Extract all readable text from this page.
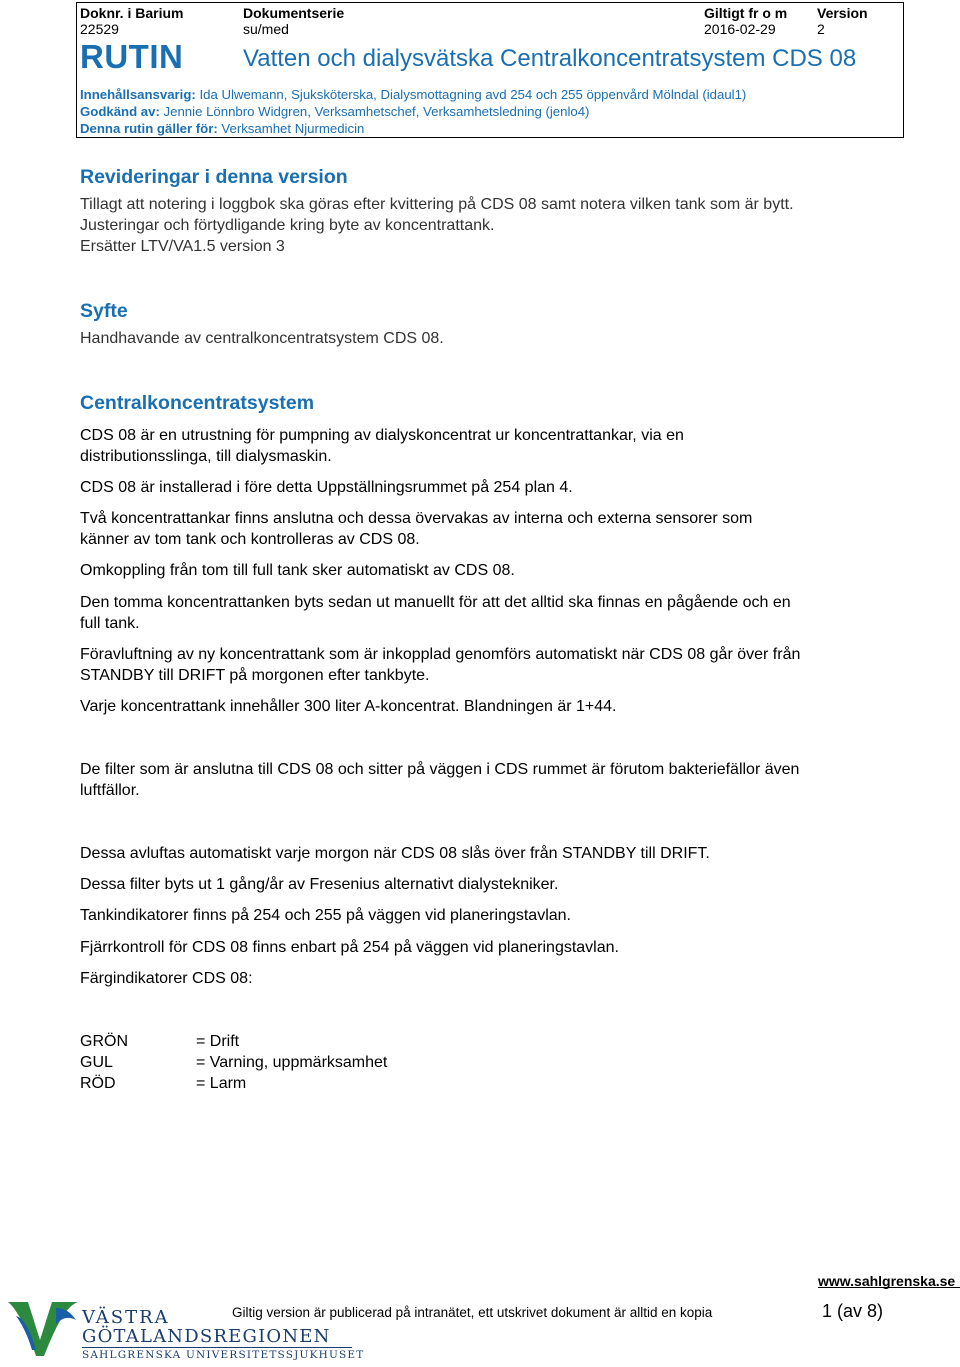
Doknr. i Barium
22529
Dokumentserie
su/med
Giltigt fr o m
2016-02-29
Version
2
RUTIN Vatten och dialysvätska Centralkoncentratsystem CDS 08
Innehållsansvarig: Ida Ulwemann, Sjuksköterska, Dialysmottagning avd 254 och 255 öppenvård Mölndal (idaul1)
Godkänd av: Jennie Lönnbro Widgren, Verksamhetschef, Verksamhetsledning (jenlo4)
Denna rutin gäller för: Verksamhet Njurmedicin
Revideringar i denna version
Tillagt att notering i loggbok ska göras efter kvittering på CDS 08 samt notera vilken tank som är bytt.
Justeringar och förtydligande kring byte av koncentrattank.
Ersätter LTV/VA1.5 version 3
Syfte
Handhavande av centralkoncentratsystem CDS 08.
Centralkoncentratsystem
CDS 08 är en utrustning för pumpning av dialyskoncentrat ur koncentrattankar, via en
distributionsslinga, till dialysmaskin.
CDS 08 är installerad i före detta Uppställningsrummet på 254 plan 4.
Två koncentrattankar finns anslutna och dessa övervakas av interna och externa sensorer som
känner av tom tank och kontrolleras av CDS 08.
Omkoppling från tom till full tank sker automatiskt av CDS 08.
Den tomma koncentrattanken byts sedan ut manuellt för att det alltid ska finnas en pågående och en
full tank.
Föravluftning av ny koncentrattank som är inkopplad genomförs automatiskt när CDS 08 går över från
STANDBY till DRIFT på morgonen efter tankbyte.
Varje koncentrattank innehåller 300 liter A-koncentrat. Blandningen är 1+44.
De filter som är anslutna till CDS 08 och sitter på väggen i CDS rummet är förutom bakteriefällor även
luftfällor.
Dessa avluftas automatiskt varje morgon när CDS 08 slås över från STANDBY till DRIFT.
Dessa filter byts ut 1 gång/år av Fresenius alternativt dialystekniker.
Tankindikatorer finns på 254 och 255 på väggen vid planeringstavlan.
Fjärrkontroll för CDS 08 finns enbart på 254 på väggen vid planeringstavlan.
Färgindikatorer CDS 08:
GRÖN	= Drift
GUL	= Varning, uppmärksamhet
RÖD	= Larm
www.sahlgrenska.se
VÄSTRA
GÖTALANDSREGIONEN
SAHLGRENSKA UNIVERSITETSSJUKHUSET
Giltig version är publicerad på intranätet, ett utskrivet dokument är alltid en kopia	1 (av 8)
